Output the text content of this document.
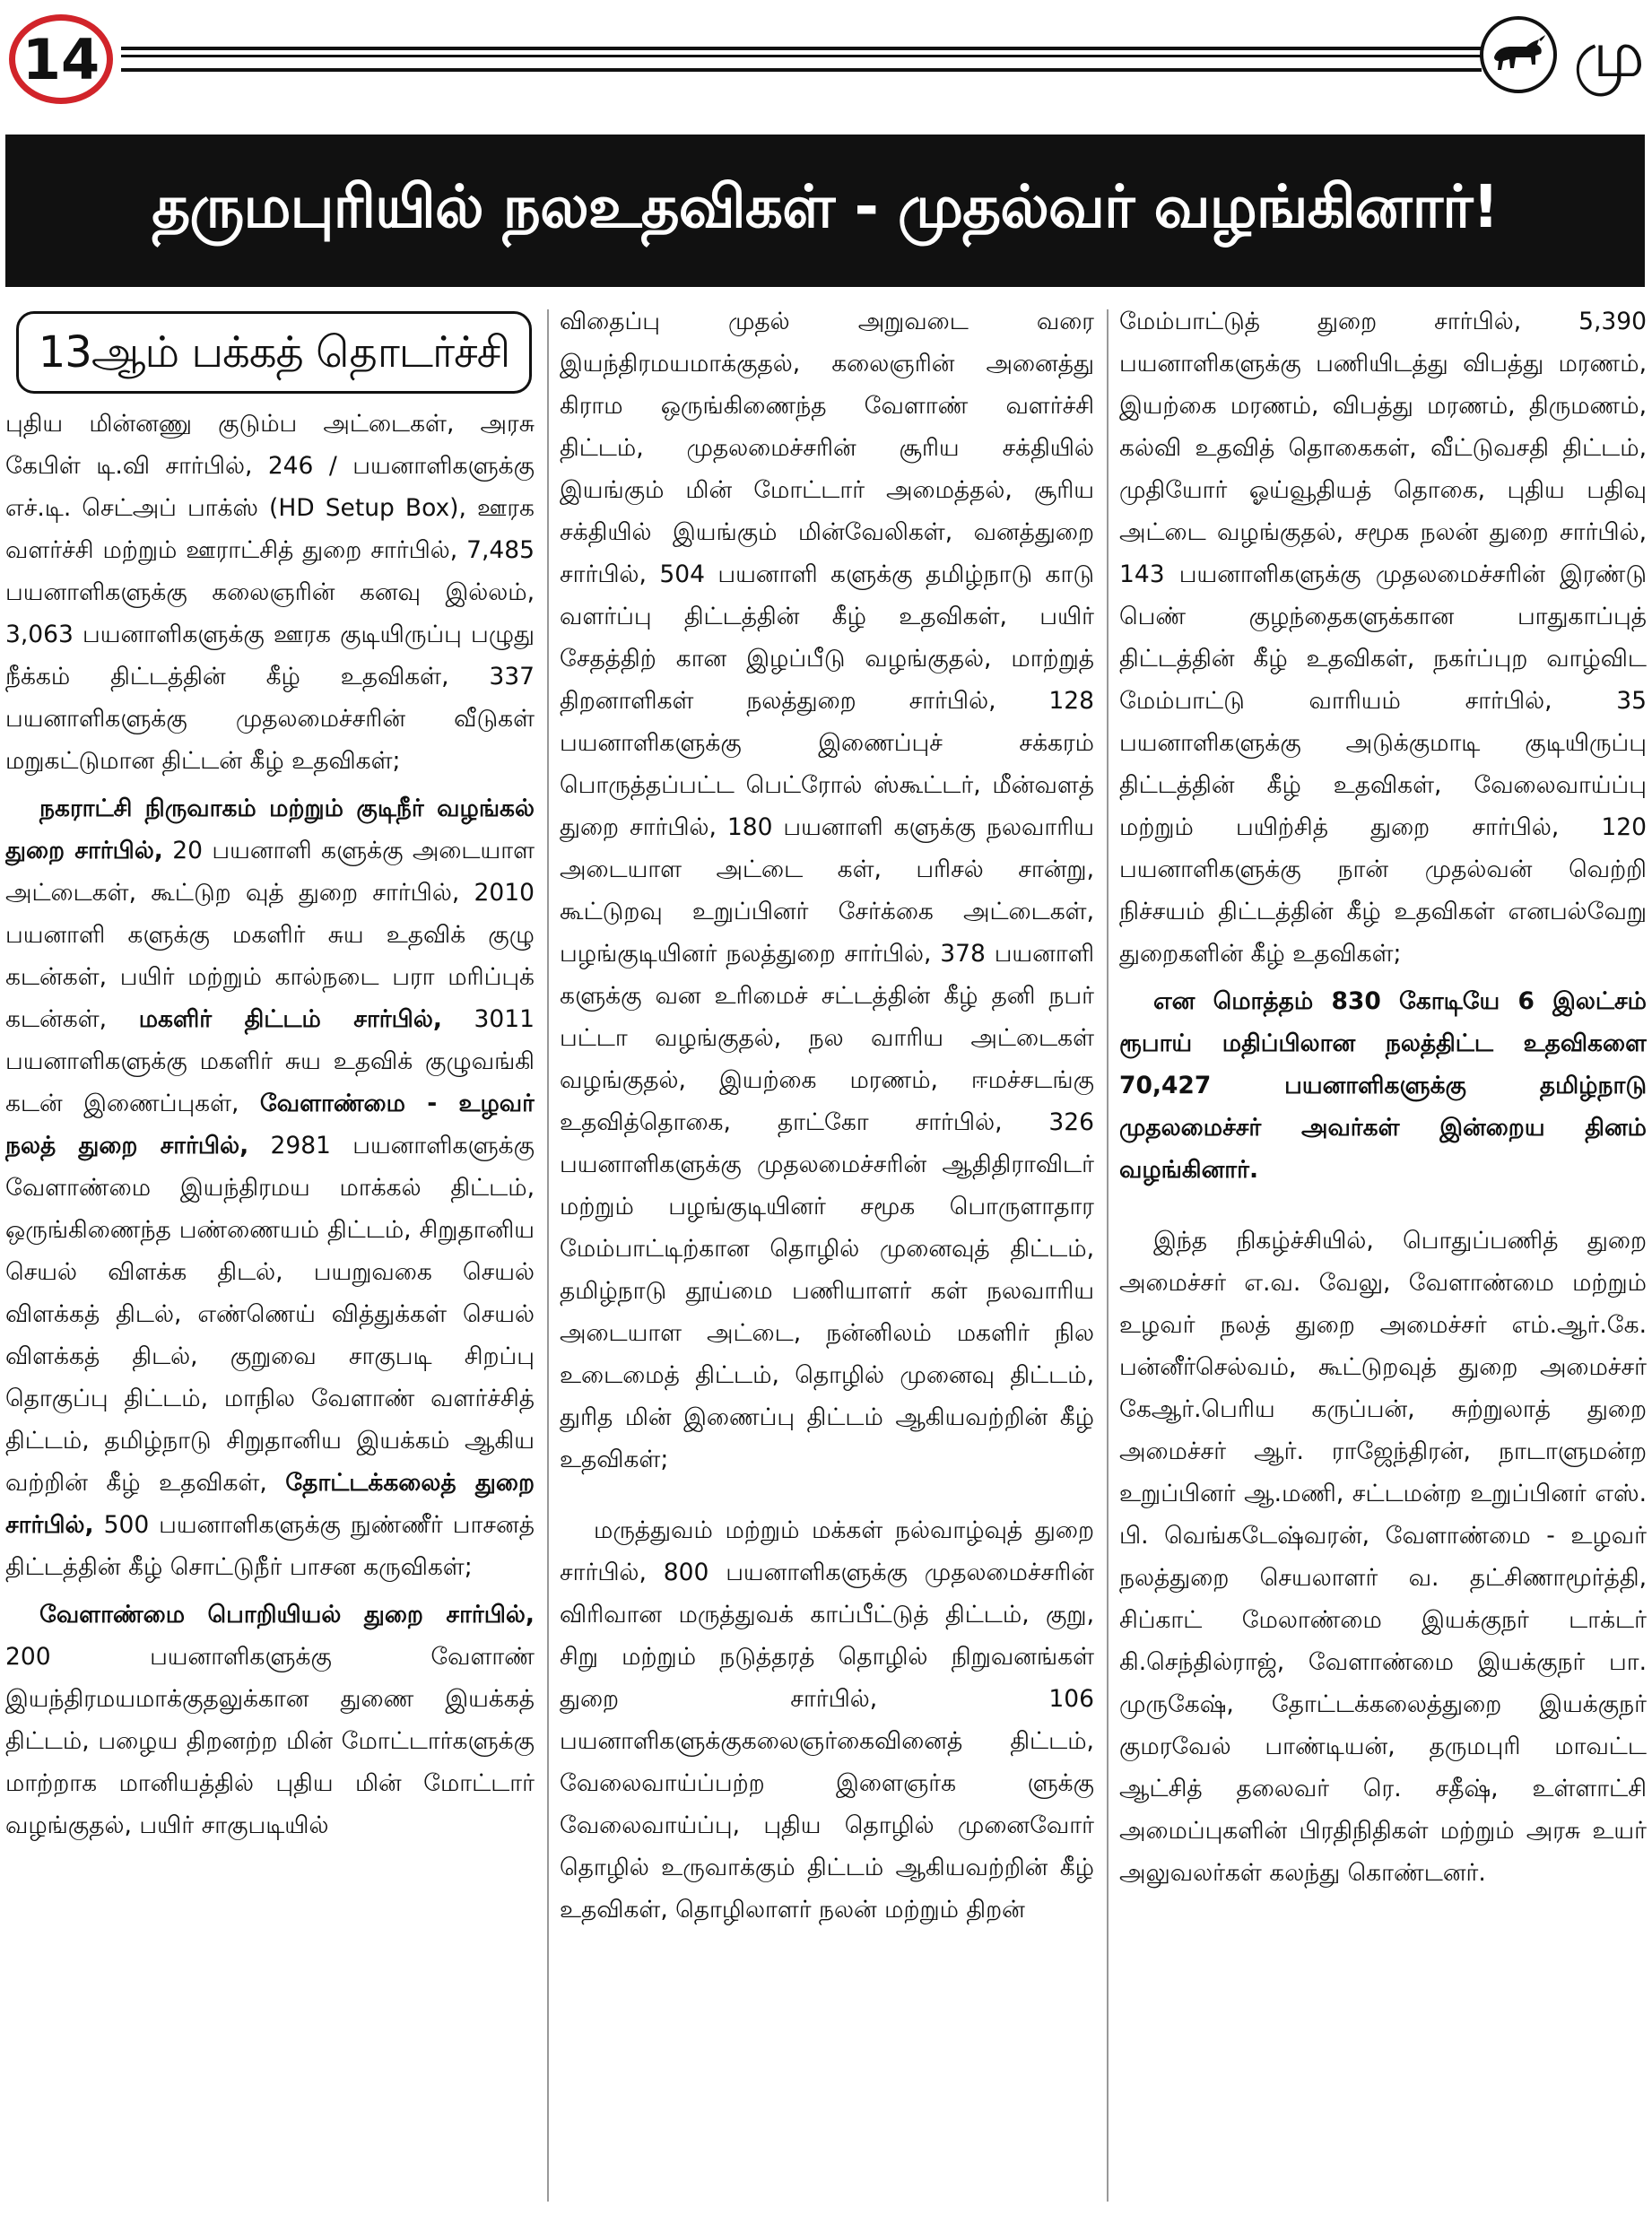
14	மு
தருமபுரியில் நலஉதவிகள் - முதல்வர் வழங்கினார்!
13ஆம் பக்கத் தொடர்ச்சி

புதிய மின்னணு குடும்ப அட்டைகள், அரசு கேபிள் டி.வி சார்பில், 246 / பயனாளிகளுக்கு எச்.டி. செட்அப் பாக்ஸ் (HD Setup Box), ஊரக வளர்ச்சி மற்றும் ஊராட்சித் துறை சார்பில், 7,485 பயனாளிகளுக்கு கலைஞரின் கனவு இல்லம், 3,063 பயனாளிகளுக்கு ஊரக குடியிருப்பு பழுது நீக்கம் திட்டத்தின் கீழ் உதவிகள், 337 பயனாளிகளுக்கு முதலமைச்சரின் வீடுகள் மறுகட்டுமான திட்டன் கீழ் உதவிகள்;

நகராட்சி நிருவாகம் மற்றும் குடிநீர் வழங்கல் துறை சார்பில், 20 பயனாளி களுக்கு அடையாள அட்டைகள், கூட்டுற வுத் துறை சார்பில், 2010 பயனாளி களுக்கு மகளிர் சுய உதவிக் குழு கடன்கள், பயிர் மற்றும் கால்நடை பரா மரிப்புக் கடன்கள், மகளிர் திட்டம் சார்பில், 3011 பயனாளிகளுக்கு மகளிர் சுய உதவிக் குழுவங்கி கடன் இணைப்புகள், வேளாண்மை - உழவர் நலத் துறை சார்பில், 2981 பயனாளிகளுக்கு வேளாண்மை இயந்திரமய மாக்கல் திட்டம், ஒருங்கிணைந்த பண்ணையம் திட்டம், சிறுதானிய செயல் விளக்க திடல், பயறுவகை செயல் விளக்கத் திடல், எண்ணெய் வித்துக்கள் செயல் விளக்கத் திடல், குறுவை சாகுபடி சிறப்பு தொகுப்பு திட்டம், மாநில வேளாண் வளர்ச்சித் திட்டம், தமிழ்நாடு சிறுதானிய இயக்கம் ஆகிய வற்றின் கீழ் உதவிகள், தோட்டக்கலைத் துறை சார்பில், 500 பயனாளிகளுக்கு நுண்ணீர் பாசனத் திட்டத்தின் கீழ் சொட்டுநீர் பாசன கருவிகள்;

வேளாண்மை பொறியியல் துறை சார்பில், 200 பயனாளிகளுக்கு வேளாண் இயந்திரமயமாக்குதலுக்கான துணை இயக்கத் திட்டம், பழைய திறனற்ற மின் மோட்டார்களுக்கு மாற்றாக மானியத்தில் புதிய மின் மோட்டார் வழங்குதல், பயிர் சாகுபடியில்

விதைப்பு முதல் அறுவடை வரை இயந்திரமயமாக்குதல், கலைஞரின் அனைத்து கிராம ஒருங்கிணைந்த வேளாண் வளர்ச்சி திட்டம், முதலமைச்சரின் சூரிய சக்தியில் இயங்கும் மின் மோட்டார் அமைத்தல், சூரிய சக்தியில் இயங்கும் மின்வேலிகள், வனத்துறை சார்பில், 504 பயனாளி களுக்கு தமிழ்நாடு காடு வளர்ப்பு திட்டத்தின் கீழ் உதவிகள், பயிர் சேதத்திற் கான இழப்பீடு வழங்குதல், மாற்றுத் திறனாளிகள் நலத்துறை சார்பில், 128 பயனாளிகளுக்கு இணைப்புச் சக்கரம் பொருத்தப்பட்ட பெட்ரோல் ஸ்கூட்டர், மீன்வளத் துறை சார்பில், 180 பயனாளி களுக்கு நலவாரிய அடையாள அட்டை கள், பரிசல் சான்று, கூட்டுறவு உறுப்பினர் சேர்க்கை அட்டைகள், பழங்குடியினர் நலத்துறை சார்பில், 378 பயனாளி களுக்கு வன உரிமைச் சட்டத்தின் கீழ் தனி நபர் பட்டா வழங்குதல், நல வாரிய அட்டைகள் வழங்குதல், இயற்கை மரணம், ஈமச்சடங்கு உதவித்தொகை, தாட்கோ சார்பில், 326 பயனாளிகளுக்கு முதலமைச்சரின் ஆதிதிராவிடர் மற்றும் பழங்குடியினர் சமூக பொருளாதார மேம்பாட்டிற்கான தொழில் முனைவுத் திட்டம், தமிழ்நாடு தூய்மை பணியாளர் கள் நலவாரிய அடையாள அட்டை, நன்னிலம் மகளிர் நில உடைமைத் திட்டம், தொழில் முனைவு திட்டம், துரித மின் இணைப்பு திட்டம் ஆகியவற்றின் கீழ் உதவிகள்;

மருத்துவம் மற்றும் மக்கள் நல்வாழ்வுத் துறை சார்பில், 800 பயனாளிகளுக்கு முதலமைச்சரின் விரிவான மருத்துவக் காப்பீட்டுத் திட்டம், குறு, சிறு மற்றும் நடுத்தரத் தொழில் நிறுவனங்கள் துறை சார்பில், 106 பயனாளிகளுக்குகலைஞர்கைவினைத் திட்டம், வேலைவாய்ப்பற்ற இளைஞர்க ளுக்கு வேலைவாய்ப்பு, புதிய தொழில் முனைவோர் தொழில் உருவாக்கும் திட்டம் ஆகியவற்றின் கீழ் உதவிகள், தொழிலாளர் நலன் மற்றும் திறன்

மேம்பாட்டுத் துறை சார்பில், 5,390 பயனாளிகளுக்கு பணியிடத்து விபத்து மரணம், இயற்கை மரணம், விபத்து மரணம், திருமணம், கல்வி உதவித் தொகைகள், வீட்டுவசதி திட்டம், முதியோர் ஓய்வூதியத் தொகை, புதிய பதிவு அட்டை வழங்குதல், சமூக நலன் துறை சார்பில், 143 பயனாளிகளுக்கு முதலமைச்சரின் இரண்டு பெண் குழந்தைகளுக்கான பாதுகாப்புத் திட்டத்தின் கீழ் உதவிகள், நகர்ப்புற வாழ்விட மேம்பாட்டு வாரியம் சார்பில், 35 பயனாளிகளுக்கு அடுக்குமாடி குடியிருப்பு திட்டத்தின் கீழ் உதவிகள், வேலைவாய்ப்பு மற்றும் பயிற்சித் துறை சார்பில், 120 பயனாளிகளுக்கு நான் முதல்வன் வெற்றி நிச்சயம் திட்டத்தின் கீழ் உதவிகள் எனபல்வேறு துறைகளின் கீழ் உதவிகள்;

என மொத்தம் 830 கோடியே 6 இலட்சம் ரூபாய் மதிப்பிலான நலத்திட்ட உதவிகளை 70,427 பயனாளிகளுக்கு தமிழ்நாடு முதலமைச்சர் அவர்கள் இன்றைய தினம் வழங்கினார்.

இந்த நிகழ்ச்சியில், பொதுப்பணித் துறை அமைச்சர் எ.வ. வேலு, வேளாண்மை மற்றும் உழவர் நலத் துறை அமைச்சர் எம்.ஆர்.கே. பன்னீர்செல்வம், கூட்டுறவுத் துறை அமைச்சர் கேஆர்.பெரிய கருப்பன், சுற்றுலாத் துறை அமைச்சர் ஆர். ராஜேந்திரன், நாடாளுமன்ற உறுப்பினர் ஆ.மணி, சட்டமன்ற உறுப்பினர் எஸ். பி. வெங்கடேஷ்வரன், வேளாண்மை - உழவர் நலத்துறை செயலாளர் வ. தட்சிணாமூர்த்தி, சிப்காட் மேலாண்மை இயக்குநர் டாக்டர் கி.செந்தில்ராஜ், வேளாண்மை இயக்குநர் பா. முருகேஷ், தோட்டக்கலைத்துறை இயக்குநர் குமரவேல் பாண்டியன், தருமபுரி மாவட்ட ஆட்சித் தலைவர் ரெ. சதீஷ், உள்ளாட்சி அமைப்புகளின் பிரதிநிதிகள் மற்றும் அரசு உயர் அலுவலர்கள் கலந்து கொண்டனர்.
